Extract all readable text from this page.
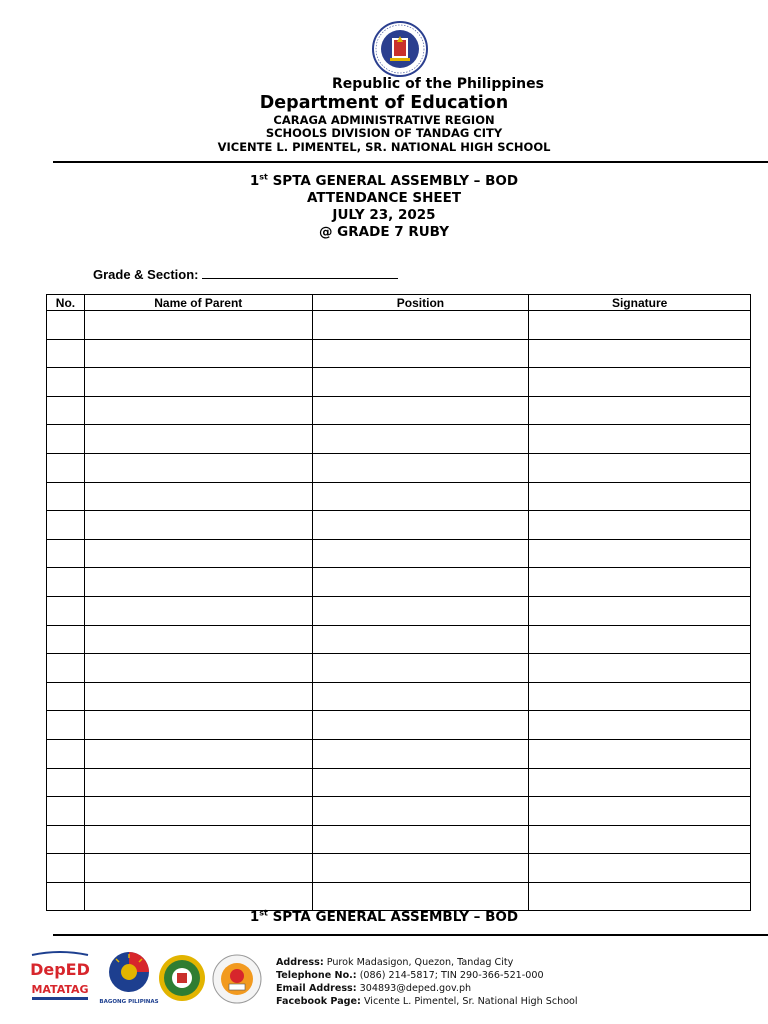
Republic of the Philippines
Department of Education
CARAGA ADMINISTRATIVE REGION
SCHOOLS DIVISION OF TANDAG CITY
VICENTE L. PIMENTEL, SR. NATIONAL HIGH SCHOOL
1st SPTA GENERAL ASSEMBLY – BOD
ATTENDANCE SHEET
JULY 23, 2025
@ GRADE 7 RUBY
Grade & Section:
No.	Name of Parent	Position	Signature

1st SPTA GENERAL ASSEMBLY – BOD
DepED
MATATAG
BAGONG PILIPINAS
Address: Purok Madasigon, Quezon, Tandag City
Telephone No.: (086) 214-5817; TIN 290-366-521-000
Email Address: 304893@deped.gov.ph
Facebook Page: Vicente L. Pimentel, Sr. National High School
